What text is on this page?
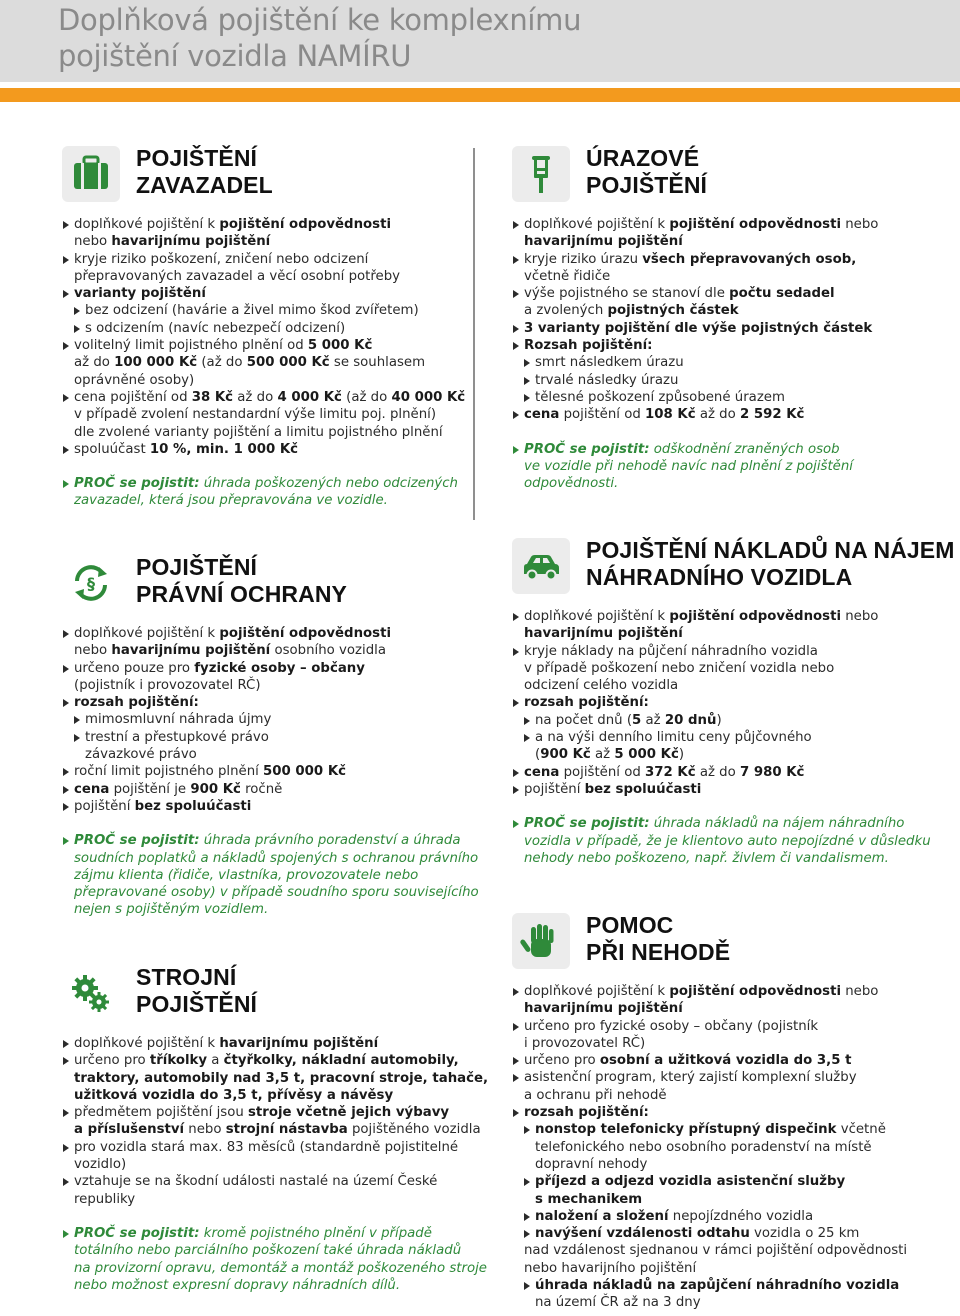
Doplňková pojištění ke komplexnímu
pojištění vozidla NAMÍRU
POJIŠTĚNÍ
ZAVAZADEL
doplňkové pojištění k pojištění odpovědnosti
nebo havarijnímu pojištění
kryje riziko poškození, zničení nebo odcizení
přepravovaných zavazadel a věcí osobní potřeby
varianty pojištění
bez odcizení (havárie a živel mimo škod zvířetem)
s odcizením (navíc nebezpečí odcizení)
volitelný limit pojistného plnění od 5 000 Kč
až do 100 000 Kč (až do 500 000 Kč se souhlasem
oprávněné osoby)
cena pojištění od 38 Kč až do 4 000 Kč (až do 40 000 Kč
v případě zvolení nestandardní výše limitu poj. plnění)
dle zvolené varianty pojištění a limitu pojistného plnění
spoluúčast 10 %, min. 1 000 Kč
PROČ se pojistit: úhrada poškozených nebo odcizených
zavazadel, která jsou přepravována ve vozidle.
ÚRAZOVÉ
POJIŠTĚNÍ
doplňkové pojištění k pojištění odpovědnosti nebo
havarijnímu pojištění
kryje riziko úrazu všech přepravovaných osob,
včetně řidiče
výše pojistného se stanoví dle počtu sedadel
a zvolených pojistných částek
3 varianty pojištění dle výše pojistných částek
Rozsah pojištění:
smrt následkem úrazu
trvalé následky úrazu
tělesné poškození způsobené úrazem
cena pojištění od 108 Kč až do 2 592 Kč
PROČ se pojistit: odškodnění zraněných osob
ve vozidle při nehodě navíc nad plnění z pojištění
odpovědnosti.
§
POJIŠTĚNÍ
PRÁVNÍ OCHRANY
doplňkové pojištění k pojištění odpovědnosti
nebo havarijnímu pojištění osobního vozidla
určeno pouze pro fyzické osoby – občany
(pojistník i provozovatel RČ)
rozsah pojištění:
mimosmluvní náhrada újmy
trestní a přestupkové právo
závazkové právo
roční limit pojistného plnění 500 000 Kč
cena pojištění je 900 Kč ročně
pojištění bez spoluúčasti
PROČ se pojistit: úhrada právního poradenství a úhrada
soudních poplatků a nákladů spojených s ochranou právního
zájmu klienta (řidiče, vlastníka, provozovatele nebo
přepravované osoby) v případě soudního sporu souvisejícího
nejen s pojištěným vozidlem.
STROJNÍ
POJIŠTĚNÍ
doplňkové pojištění k havarijnímu pojištění
určeno pro tříkolky a čtyřkolky, nákladní automobily,
traktory, automobily nad 3,5 t, pracovní stroje, tahače,
užitková vozidla do 3,5 t, přívěsy a návěsy
předmětem pojištění jsou stroje včetně jejich výbavy
a příslušenství nebo strojní nástavba pojištěného vozidla
pro vozidla stará max. 83 měsíců (standardně pojistitelné
vozidlo)
vztahuje se na škodní události nastalé na území České
republiky
PROČ se pojistit: kromě pojistného plnění v případě
totálního nebo parciálního poškození také úhrada nákladů
na provizorní opravu, demontáž a montáž poškozeného stroje
nebo možnost expresní dopravy náhradních dílů.
POJIŠTĚNÍ NÁKLADŮ NA NÁJEM
NÁHRADNÍHO VOZIDLA
doplňkové pojištění k pojištění odpovědnosti nebo
havarijnímu pojištění
kryje náklady na půjčení náhradního vozidla
v případě poškození nebo zničení vozidla nebo
odcizení celého vozidla
rozsah pojištění:
na počet dnů (5 až 20 dnů)
a na výši denního limitu ceny půjčovného
(900 Kč až 5 000 Kč)
cena pojištění od 372 Kč až do 7 980 Kč
pojištění bez spoluúčasti
PROČ se pojistit: úhrada nákladů na nájem náhradního
vozidla v případě, že je klientovo auto nepojízdné v důsledku
nehody nebo poškozeno, např. živlem či vandalismem.
POMOC
PŘI NEHODĚ
doplňkové pojištění k pojištění odpovědnosti nebo
havarijnímu pojištění
určeno pro fyzické osoby – občany (pojistník
i provozovatel RČ)
určeno pro osobní a užitková vozidla do 3,5 t
asistenční program, který zajistí komplexní služby
a ochranu při nehodě
rozsah pojištění:
nonstop telefonicky přístupný dispečink včetně
telefonického nebo osobního poradenství na místě
dopravní nehody
příjezd a odjezd vozidla asistenční služby
s mechanikem
naložení a složení nepojízdného vozidla
navýšení vzdálenosti odtahu vozidla o 25 km
nad vzdálenost sjednanou v rámci pojištění odpovědnosti
nebo havarijního pojištění
úhrada nákladů na zapůjčení náhradního vozidla
na území ČR až na 3 dny
